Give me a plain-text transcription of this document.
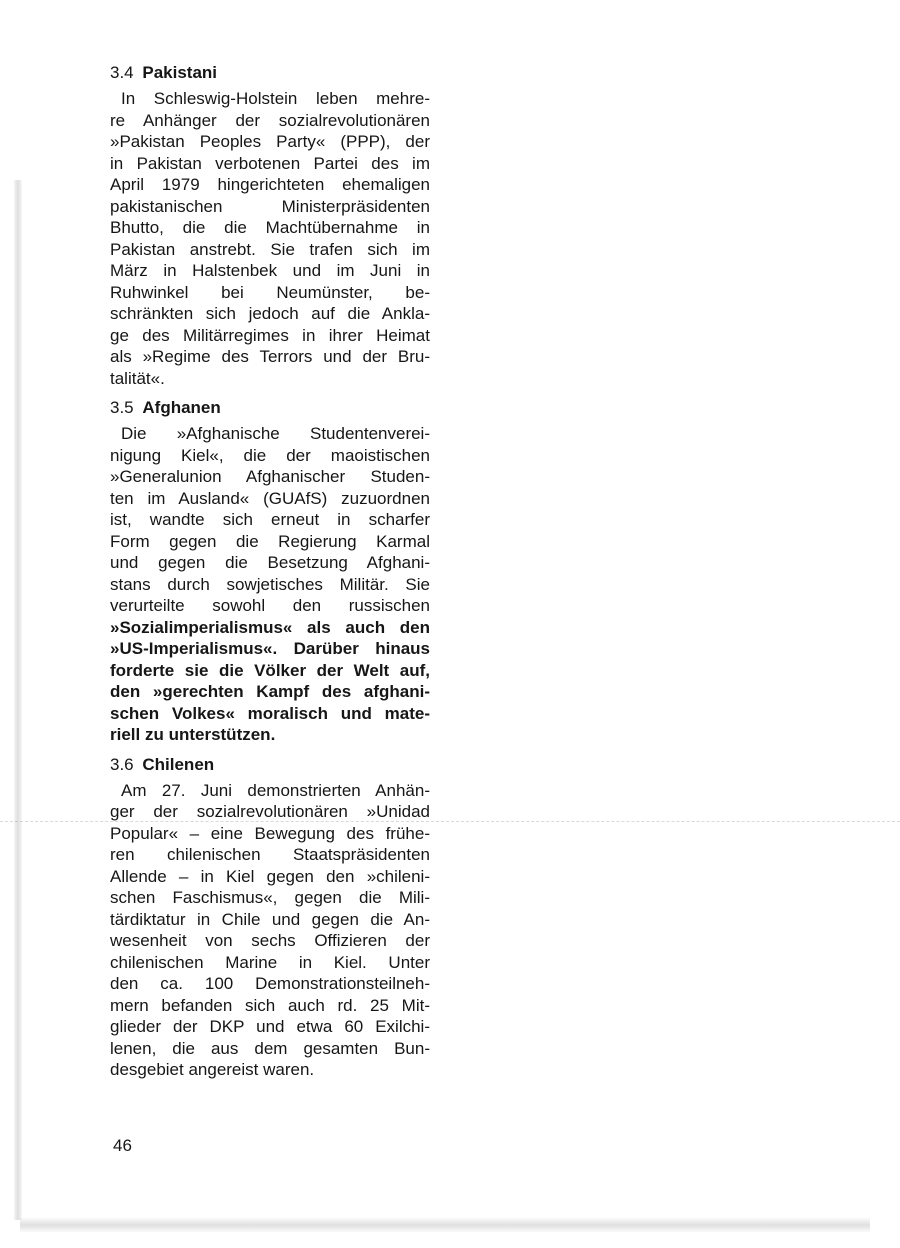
3.4 Pakistani
In Schleswig-Holstein leben mehre-
re Anhänger der sozialrevolutionären
»Pakistan Peoples Party« (PPP), der
in Pakistan verbotenen Partei des im
April 1979 hingerichteten ehemaligen
pakistanischen Ministerpräsidenten
Bhutto, die die Machtübernahme in
Pakistan anstrebt. Sie trafen sich im
März in Halstenbek und im Juni in
Ruhwinkel bei Neumünster, be-
schränkten sich jedoch auf die Ankla-
ge des Militärregimes in ihrer Heimat
als »Regime des Terrors und der Bru-
talität«.
3.5 Afghanen
Die »Afghanische Studentenverei-
nigung Kiel«, die der maoistischen
»Generalunion Afghanischer Studen-
ten im Ausland« (GUAfS) zuzuordnen
ist, wandte sich erneut in scharfer
Form gegen die Regierung Karmal
und gegen die Besetzung Afghani-
stans durch sowjetisches Militär. Sie
verurteilte sowohl den russischen
»Sozialimperialismus« als auch den
»US-Imperialismus«. Darüber hinaus
forderte sie die Völker der Welt auf,
den »gerechten Kampf des afghani-
schen Volkes« moralisch und mate-
riell zu unterstützen.
3.6 Chilenen
Am 27. Juni demonstrierten Anhän-
ger der sozialrevolutionären »Unidad
Popular« – eine Bewegung des frühe-
ren chilenischen Staatspräsidenten
Allende – in Kiel gegen den »chileni-
schen Faschismus«, gegen die Mili-
tärdiktatur in Chile und gegen die An-
wesenheit von sechs Offizieren der
chilenischen Marine in Kiel. Unter
den ca. 100 Demonstrationsteilneh-
mern befanden sich auch rd. 25 Mit-
glieder der DKP und etwa 60 Exilchi-
lenen, die aus dem gesamten Bun-
desgebiet angereist waren.
46
